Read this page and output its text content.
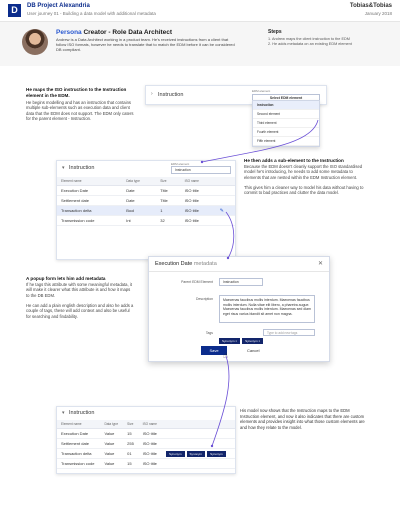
D	DB Project Alexandria
User journey 01 - Building a data model with additional metadata
Tobias&Tobias
January 2018
Persona Creator - Role Data Architect
Andrew is a Data Architect working in a product team. He's received instructions from a client that follow ISO formats, however he needs to translate that to match the EDM before it can be considered DB compliant.
Steps
1. Andrew maps the client instruction to the EDM
2. He adds metadata on an existing EDM element
He maps the ISO instruction to the Instruction element in the EDM.
He begins modelling and has an instruction that contains multiple sub-elements such as execution data and client data that the EDM does not support. The EDM only caters for the parent element - Instruction.
› Instruction
EDM element
Select EDM element
Instruction
Second element
Third element
Fourth element
Fifth element
▾ Instruction
EDM element
Instruction
Element name	Data type	Size	ISO name	
Execution Date	Date	Title	ISO title	
Settlement date	Date	Title	ISO title	
Transaction delta	Bool	1	ISO title	✎
Transmission code	Int	32	ISO title	
He then adds a sub-element to the Instruction
Because the EDM doesn't cleanly support the ISO standardised model he's introducing, he needs to add some metadata to elements that are nested within the EDM Instruction element.
This gives him a cleaner way to model his data without having to commit to bad practices and clutter the data model.
A popup form lets him add metadata
If he tags this attribute with some meaningful metadata, it will make it clearer what this attribute is and how it maps to the DB EDM.
He can add a plain english description and also he adds a couple of tags, these will add context and also be useful for searching and findability.
Execution Date metadata	✕
Parent EDM Element	Instruction
Description	Maecenas faucibus mollis interdum. Maecenas faucibus mollis interdum. Nulla vitae elit libero, a pharetra augue. Maecenas faucibus mollis interdum. Maecenas sed diam eget risus varius blandit sit amet non magna.
Tags
Synonym ×	Synonym ×
Type to add new tags
Save	Cancel
☝
His model now shows that the Instruction maps to the EDM Instruction element, and now it also indicates that there are custom elements and provides insight into what those custom elements are and how they relate to the model.
▾ Instruction
Element name	Data type	Size	ISO name	
Execution Date	Value	15	ISO title	
Settlement date	Value	255	ISO title	
Transaction delta	Value	01	ISO title	Synonym Synonym Synonym
Transmission code	Value	15	ISO title	
